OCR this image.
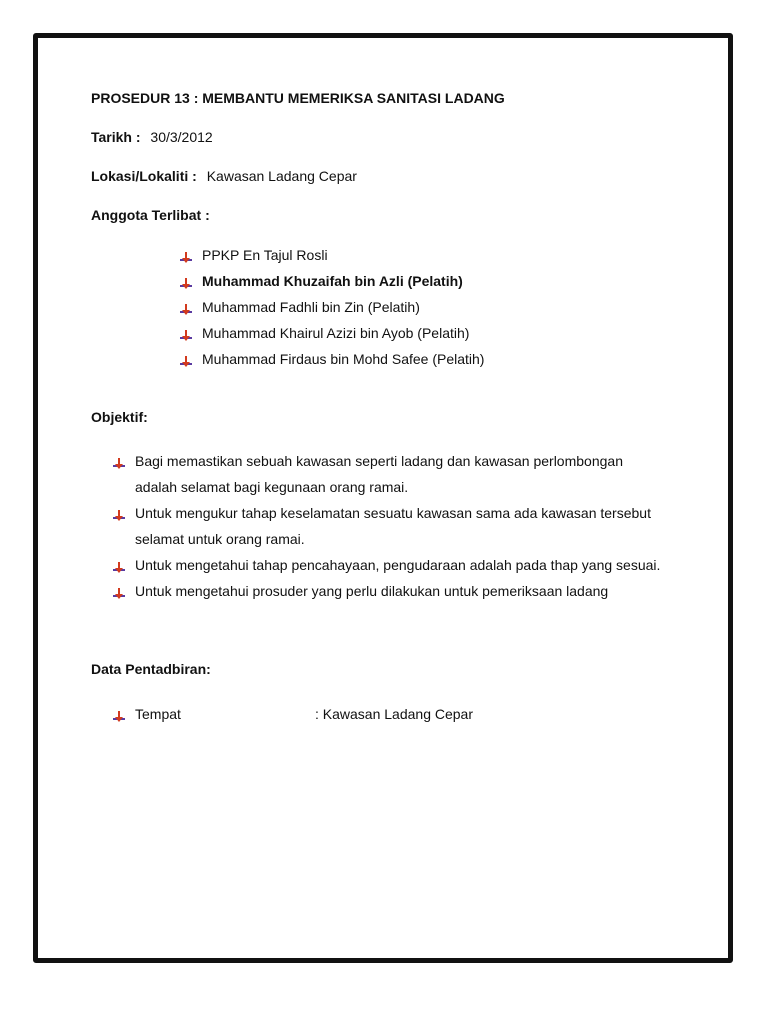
PROSEDUR 13 : MEMBANTU MEMERIKSA SANITASI LADANG
Tarikh : 30/3/2012
Lokasi/Lokaliti : Kawasan Ladang Cepar
Anggota Terlibat :
PPKP En Tajul Rosli
Muhammad Khuzaifah bin Azli (Pelatih)
Muhammad Fadhli bin Zin (Pelatih)
Muhammad Khairul Azizi bin Ayob (Pelatih)
Muhammad Firdaus bin Mohd Safee (Pelatih)
Objektif:
Bagi memastikan sebuah kawasan seperti ladang dan kawasan perlombongan adalah selamat bagi kegunaan orang ramai.
Untuk mengukur tahap keselamatan sesuatu kawasan sama ada kawasan tersebut selamat untuk orang ramai.
Untuk mengetahui tahap pencahayaan, pengudaraan adalah pada thap yang sesuai.
Untuk mengetahui prosuder yang perlu dilakukan untuk pemeriksaan ladang
Data Pentadbiran:
Tempat	: Kawasan Ladang Cepar
